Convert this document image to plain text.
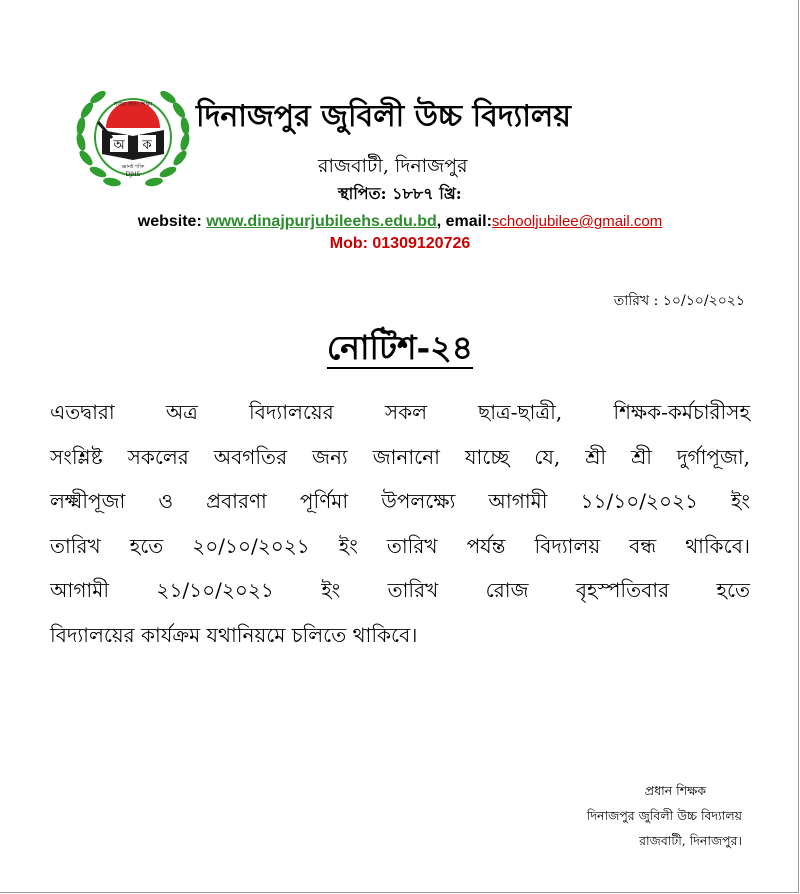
অ ক
সবার জন্য শিক্ষা
জ্ঞানই শক্তি
DJHS
দিনাজপুর জুবিলী উচ্চ বিদ্যালয়
রাজবাটী, দিনাজপুর
স্থাপিত: ১৮৮৭ খ্রি:
website: www.dinajpurjubileehs.edu.bd, email:schooljubilee@gmail.com
Mob: 01309120726
তারিখ : ১০/১০/২০২১
নোটিশ-২৪
এতদ্বারা অত্র বিদ্যালয়ের সকল ছাত্র-ছাত্রী, শিক্ষক-কর্মচারীসহ
সংশ্লিষ্ট সকলের অবগতির জন্য জানানো যাচ্ছে যে, শ্রী শ্রী দুর্গাপূজা,
লক্ষ্মীপূজা ও প্রবারণা পূর্ণিমা উপলক্ষ্যে আগামী ১১/১০/২০২১ ইং
তারিখ হতে ২০/১০/২০২১ ইং তারিখ পর্যন্ত বিদ্যালয় বন্ধ থাকিবে।
আগামী ২১/১০/২০২১ ইং তারিখ রোজ বৃহস্পতিবার হতে
বিদ্যালয়ের কার্যক্রম যথানিয়মে চলিতে থাকিবে।
প্রধান শিক্ষক
দিনাজপুর জুবিলী উচ্চ বিদ্যালয়
রাজবাটী, দিনাজপুর।
